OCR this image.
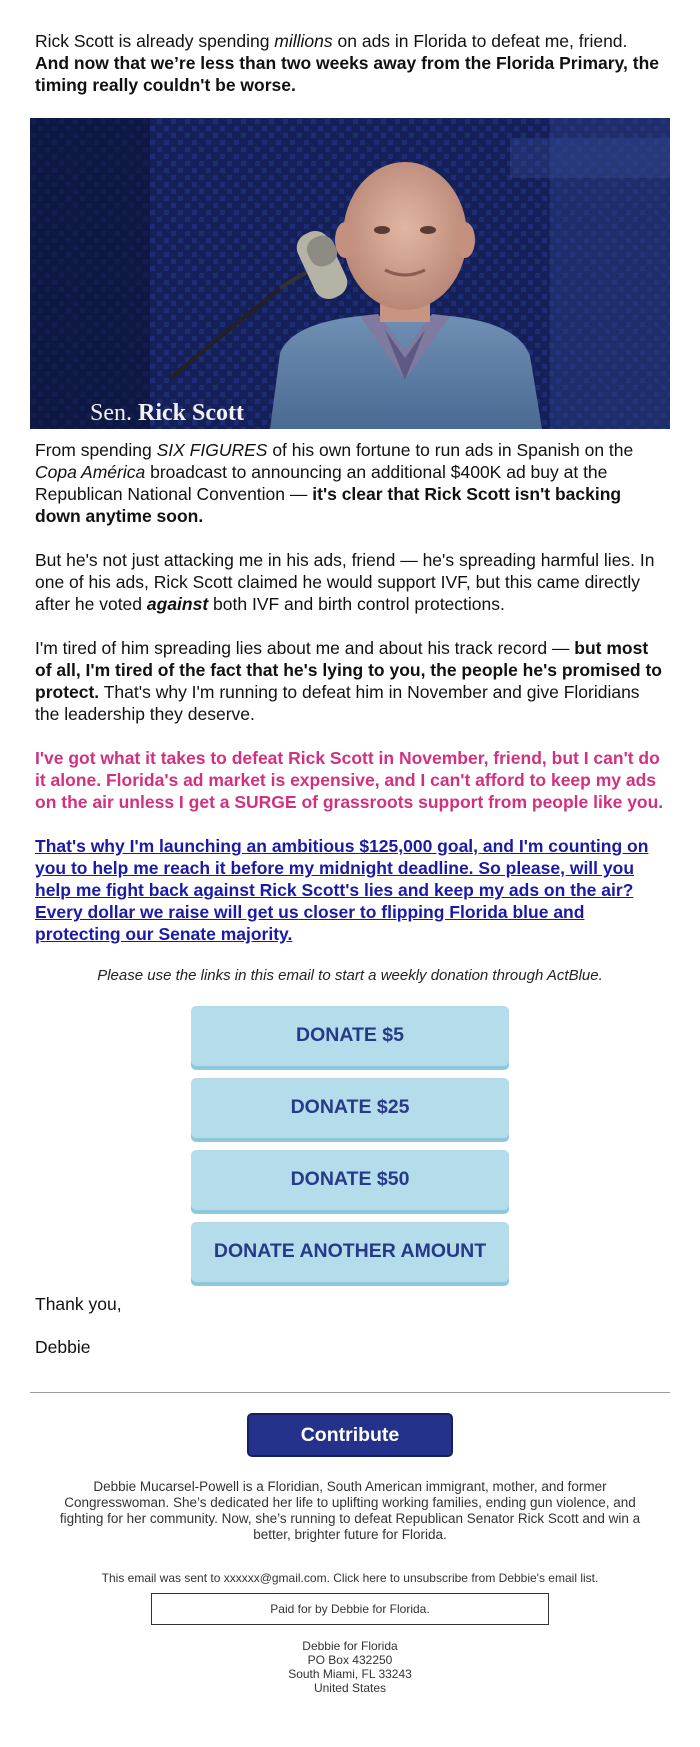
Rick Scott is already spending millions on ads in Florida to defeat me, friend. And now that we’re less than two weeks away from the Florida Primary, the timing really couldn't be worse.

Sen. Rick Scott

From spending SIX FIGURES of his own fortune to run ads in Spanish on the Copa América broadcast to announcing an additional $400K ad buy at the Republican National Convention — it's clear that Rick Scott isn't backing down anytime soon.

But he's not just attacking me in his ads, friend — he's spreading harmful lies. In one of his ads, Rick Scott claimed he would support IVF, but this came directly after he voted against both IVF and birth control protections.

I'm tired of him spreading lies about me and about his track record — but most of all, I'm tired of the fact that he's lying to you, the people he's promised to protect. That's why I'm running to defeat him in November and give Floridians the leadership they deserve.

I've got what it takes to defeat Rick Scott in November, friend, but I can't do it alone. Florida's ad market is expensive, and I can't afford to keep my ads on the air unless I get a SURGE of grassroots support from people like you.

That's why I'm launching an ambitious $125,000 goal, and I'm counting on you to help me reach it before my midnight deadline. So please, will you help me fight back against Rick Scott's lies and keep my ads on the air? Every dollar we raise will get us closer to flipping Florida blue and protecting our Senate majority.

Please use the links in this email to start a weekly donation through ActBlue.
DONATE $5
DONATE $25
DONATE $50
DONATE ANOTHER AMOUNT
Thank you,
Debbie
Contribute
Debbie Mucarsel-Powell is a Floridian, South American immigrant, mother, and former Congresswoman. She’s dedicated her life to uplifting working families, ending gun violence, and fighting for her community. Now, she’s running to defeat Republican Senator Rick Scott and win a better, brighter future for Florida.
This email was sent to xxxxxx@gmail.com. Click here to unsubscribe from Debbie's email list.
Paid for by Debbie for Florida.
Debbie for Florida
PO Box 432250
South Miami, FL 33243
United States
